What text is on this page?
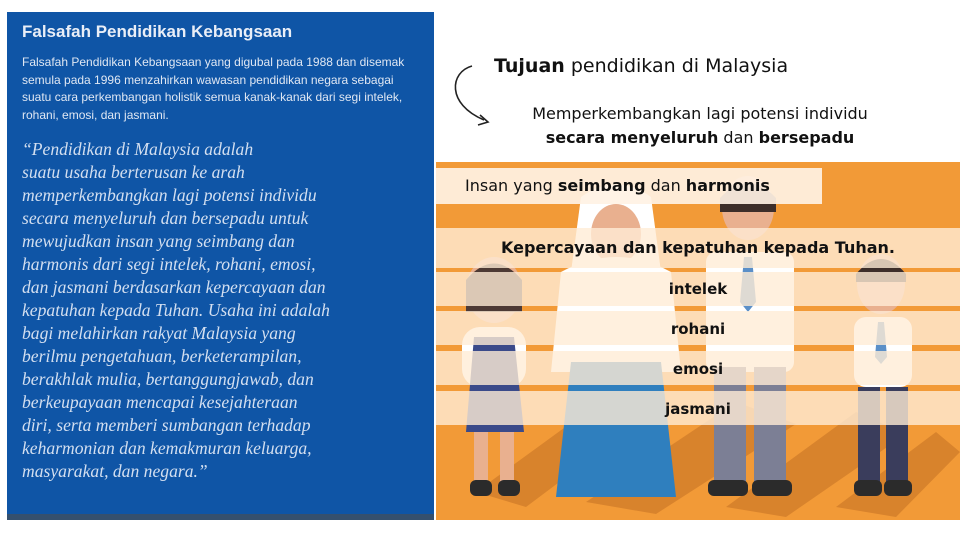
Falsafah Pendidikan Kebangsaan
Falsafah Pendidikan Kebangsaan yang digubal pada 1988 dan disemak semula pada 1996 menzahirkan wawasan pendidikan negara sebagai suatu cara perkembangan holistik semua kanak-kanak dari segi intelek, rohani, emosi, dan jasmani.
“Pendidikan di Malaysia adalah
suatu usaha berterusan ke arah
memperkembangkan lagi potensi individu
secara menyeluruh dan bersepadu untuk
mewujudkan insan yang seimbang dan
harmonis dari segi intelek, rohani, emosi,
dan jasmani berdasarkan kepercayaan dan
kepatuhan kepada Tuhan. Usaha ini adalah
bagi melahirkan rakyat Malaysia yang
berilmu pengetahuan, berketerampilan,
berakhlak mulia, bertanggungjawab, dan
berkeupayaan mencapai kesejahteraan
diri, serta memberi sumbangan terhadap
keharmonian dan kemakmuran keluarga,
masyarakat, dan negara.”
Tujuan pendidikan di Malaysia
Memperkembangkan lagi potensi individu
secara menyeluruh dan bersepadu
Kepercayaan dan kepatuhan kepada Tuhan.
intelek
rohani
emosi
jasmani
Insan yang seimbang dan harmonis
